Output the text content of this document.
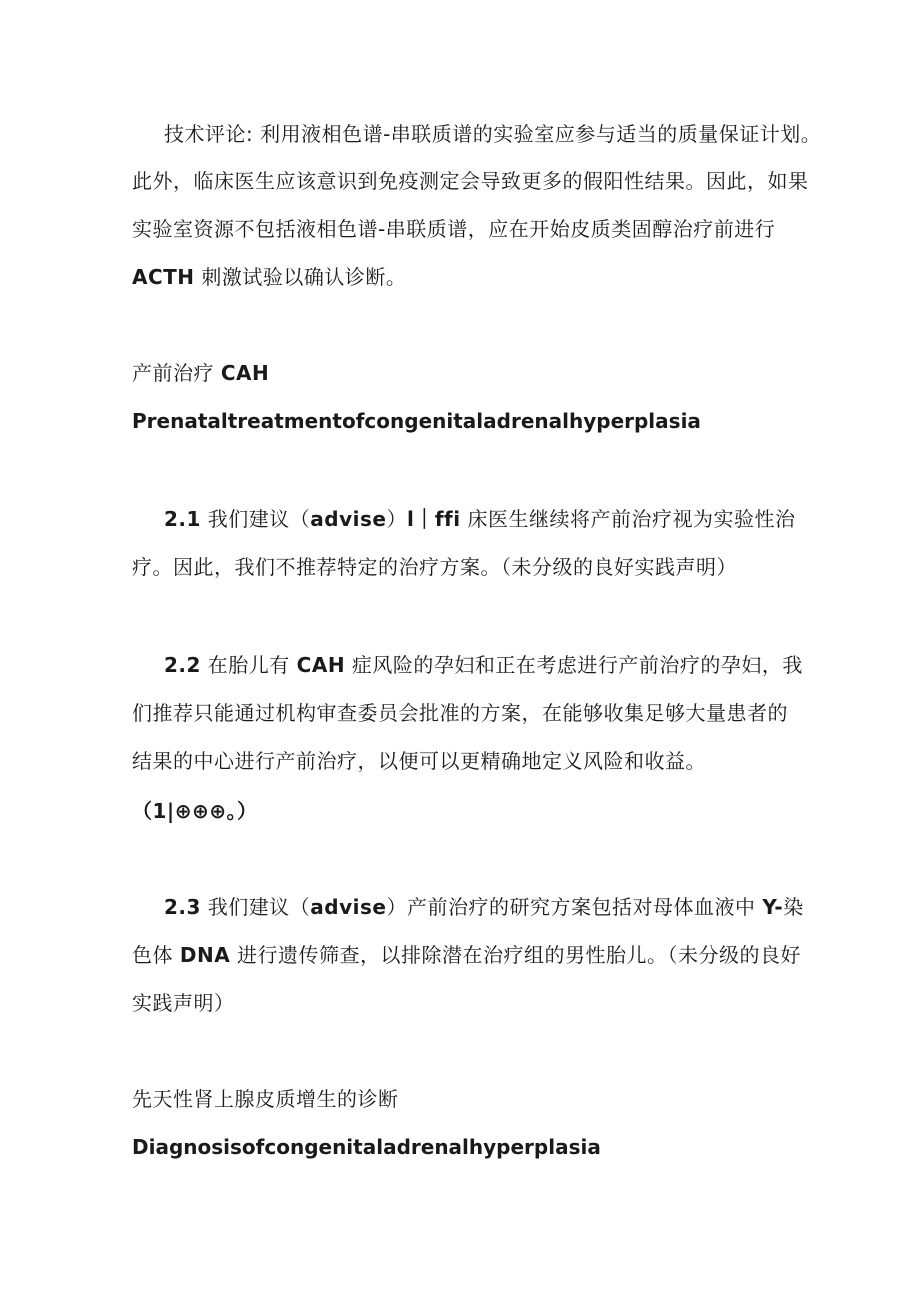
技术评论: 利用液相色谱-串联质谱的实验室应参与适当的质量保证计划。
此外，临床医生应该意识到免疫测定会导致更多的假阳性结果。因此，如果
实验室资源不包括液相色谱-串联质谱，应在开始皮质类固醇治疗前进行
ACTH 刺激试验以确认诊断。
产前治疗 CAH
Prenataltreatmentofcongenitaladrenalhyperplasia
2.1 我们建议（advise）l｜ffi 床医生继续将产前治疗视为实验性治
疗。因此，我们不推荐特定的治疗方案。（未分级的良好实践声明）
2.2 在胎儿有 CAH 症风险的孕妇和正在考虑进行产前治疗的孕妇，我
们推荐只能通过机构审查委员会批准的方案，在能够收集足够大量患者的
结果的中心进行产前治疗，以便可以更精确地定义风险和收益。
（1|⊕⊕⊕。）
2.3 我们建议（advise）产前治疗的研究方案包括对母体血液中 Y-染
色体 DNA 进行遗传筛查，以排除潜在治疗组的男性胎儿。（未分级的良好
实践声明）
先天性肾上腺皮质增生的诊断
Diagnosisofcongenitaladrenalhyperplasia
